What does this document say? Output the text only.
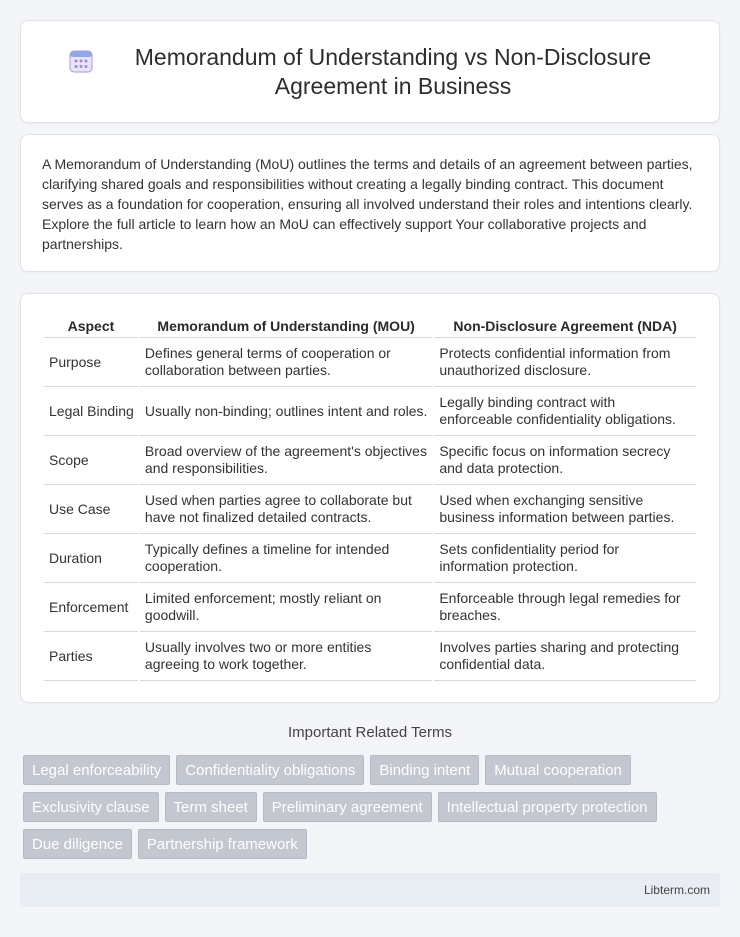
Memorandum of Understanding vs Non-Disclosure Agreement in Business

A Memorandum of Understanding (MoU) outlines the terms and details of an agreement between parties, clarifying shared goals and responsibilities without creating a legally binding contract. This document serves as a foundation for cooperation, ensuring all involved understand their roles and intentions clearly. Explore the full article to learn how an MoU can effectively support Your collaborative projects and partnerships.

Aspect	Memorandum of Understanding (MOU)	Non-Disclosure Agreement (NDA)
Purpose	Defines general terms of cooperation or collaboration between parties.	Protects confidential information from unauthorized disclosure.
Legal Binding	Usually non-binding; outlines intent and roles.	Legally binding contract with enforceable confidentiality obligations.
Scope	Broad overview of the agreement's objectives and responsibilities.	Specific focus on information secrecy and data protection.
Use Case	Used when parties agree to collaborate but have not finalized detailed contracts.	Used when exchanging sensitive business information between parties.
Duration	Typically defines a timeline for intended cooperation.	Sets confidentiality period for information protection.
Enforcement	Limited enforcement; mostly reliant on goodwill.	Enforceable through legal remedies for breaches.
Parties	Usually involves two or more entities agreeing to work together.	Involves parties sharing and protecting confidential data.
Important Related Terms
Legal enforceability	Confidentiality obligations	Binding intent	Mutual cooperation
Exclusivity clause	Term sheet	Preliminary agreement	Intellectual property protection
Due diligence	Partnership framework
Libterm.com
